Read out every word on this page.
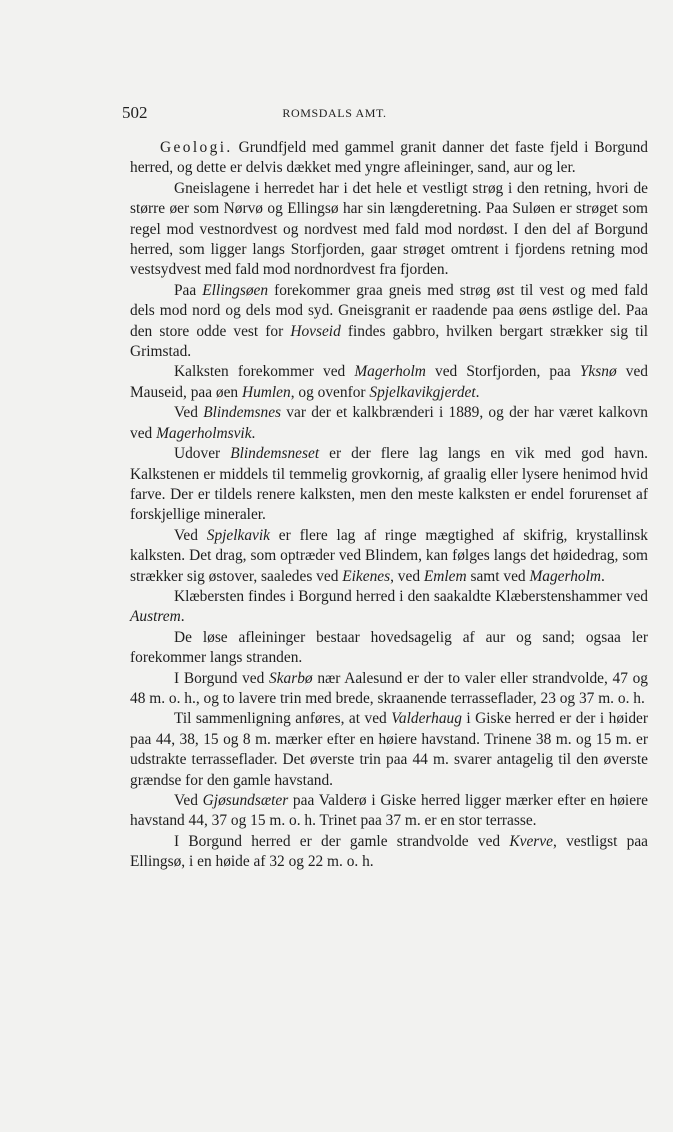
502	ROMSDALS AMT.

Geologi. Grundfjeld med gammel granit danner det faste fjeld i Borgund herred, og dette er delvis dækket med yngre afleininger, sand, aur og ler.

Gneislagene i herredet har i det hele et vestligt strøg i den retning, hvori de større øer som Nørvø og Ellingsø har sin længderetning. Paa Suløen er strøget som regel mod vestnordvest og nordvest med fald mod nordøst. I den del af Borgund herred, som ligger langs Storfjorden, gaar strøget omtrent i fjordens retning mod vestsydvest med fald mod nordnordvest fra fjorden.

Paa Ellingsøen forekommer graa gneis med strøg øst til vest og med fald dels mod nord og dels mod syd. Gneisgranit er raadende paa øens østlige del. Paa den store odde vest for Hovseid findes gabbro, hvilken bergart strækker sig til Grimstad.

Kalksten forekommer ved Magerholm ved Storfjorden, paa Yksnø ved Mauseid, paa øen Humlen, og ovenfor Spjelkavikgjerdet.

Ved Blindemsnes var der et kalkbrænderi i 1889, og der har været kalkovn ved Magerholmsvik.

Udover Blindemsneset er der flere lag langs en vik med god havn. Kalkstenen er middels til temmelig grovkornig, af graalig eller lysere henimod hvid farve. Der er tildels renere kalksten, men den meste kalksten er endel forurenset af forskjellige mineraler.

Ved Spjelkavik er flere lag af ringe mægtighed af skifrig, krystallinsk kalksten. Det drag, som optræder ved Blindem, kan følges langs det høidedrag, som strækker sig østover, saaledes ved Eikenes, ved Emlem samt ved Magerholm.

Klæbersten findes i Borgund herred i den saakaldte Klæberstenshammer ved Austrem.

De løse afleininger bestaar hovedsagelig af aur og sand; ogsaa ler forekommer langs stranden.

I Borgund ved Skarbø nær Aalesund er der to valer eller strandvolde, 47 og 48 m. o. h., og to lavere trin med brede, skraanende terrasseflader, 23 og 37 m. o. h.

Til sammenligning anføres, at ved Valderhaug i Giske herred er der i høider paa 44, 38, 15 og 8 m. mærker efter en høiere havstand. Trinene 38 m. og 15 m. er udstrakte terrasseflader. Det øverste trin paa 44 m. svarer antagelig til den øverste grændse for den gamle havstand.

Ved Gjøsundsæter paa Valderø i Giske herred ligger mærker efter en høiere havstand 44, 37 og 15 m. o. h. Trinet paa 37 m. er en stor terrasse.

I Borgund herred er der gamle strandvolde ved Kverve, vestligst paa Ellingsø, i en høide af 32 og 22 m. o. h.
